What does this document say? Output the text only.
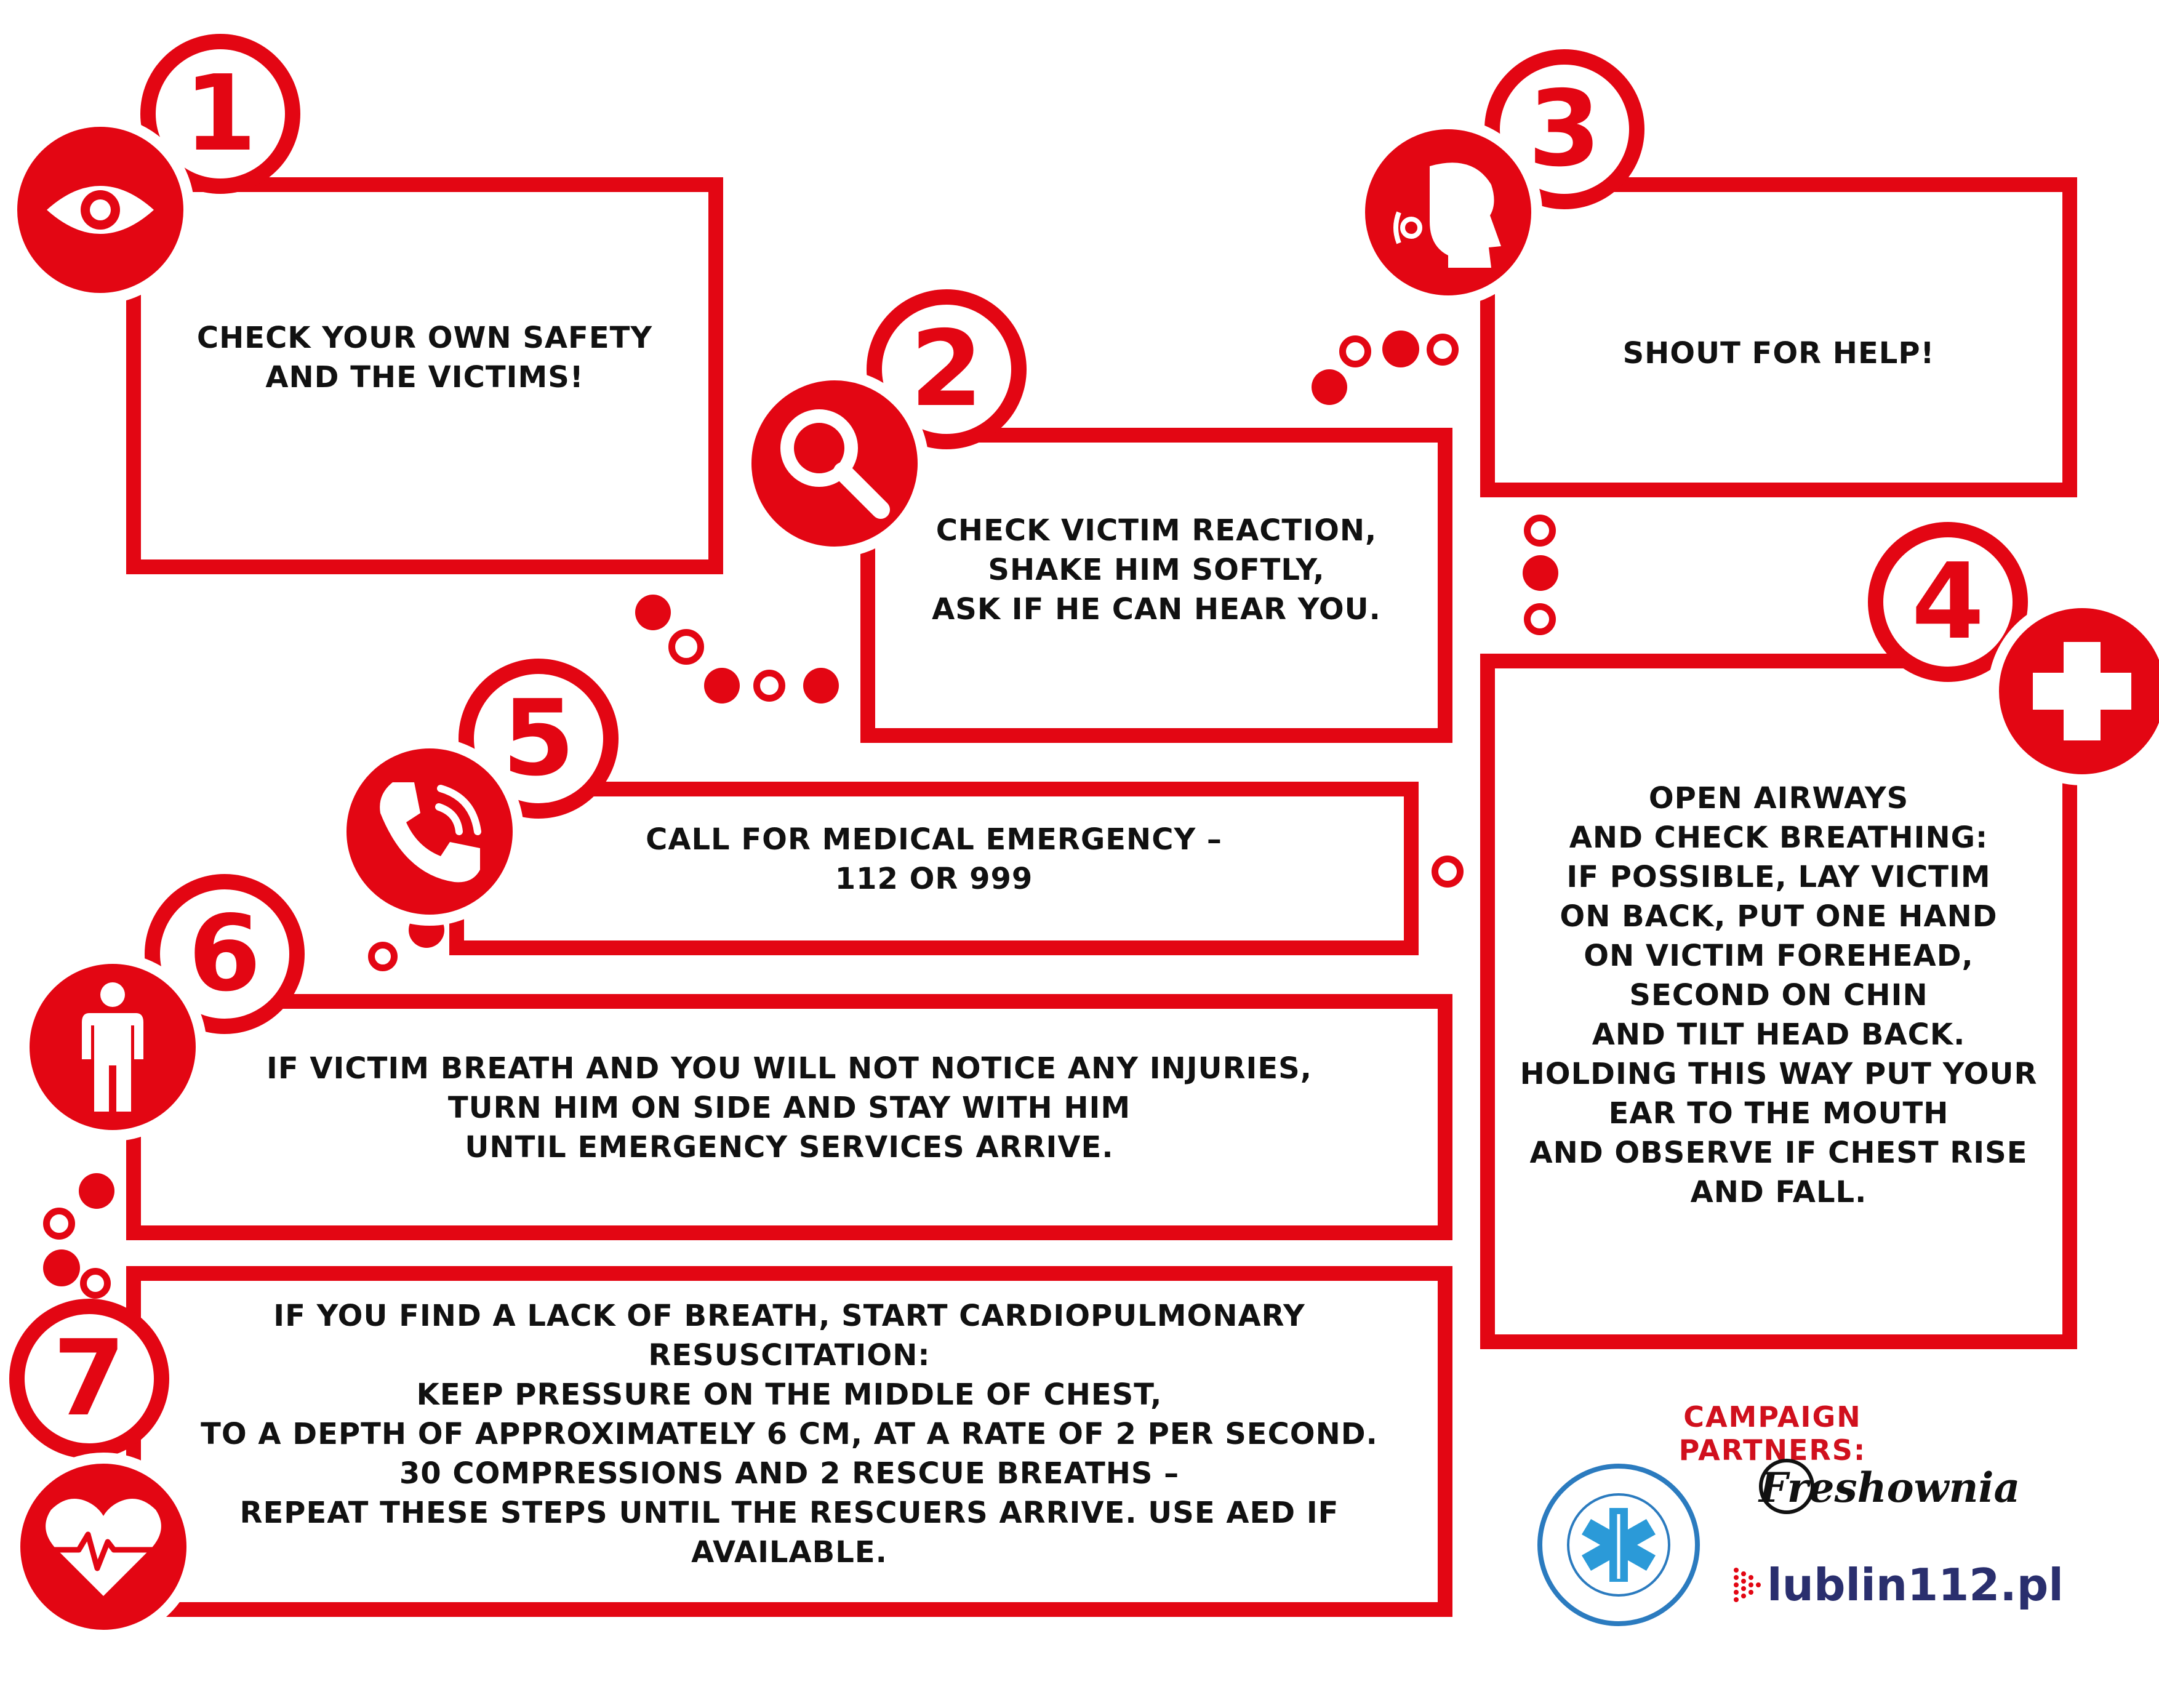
CHECK YOUR OWN SAFETY
AND THE VICTIMS!
CHECK VICTIM REACTION,
SHAKE HIM SOFTLY,
ASK IF HE CAN HEAR YOU.
SHOUT FOR HELP!
OPEN AIRWAYS
AND CHECK BREATHING:
IF POSSIBLE, LAY VICTIM
ON BACK, PUT ONE HAND
ON VICTIM FOREHEAD,
SECOND ON CHIN
AND TILT HEAD BACK.
HOLDING THIS WAY PUT YOUR
EAR TO THE MOUTH
AND OBSERVE IF CHEST RISE
AND FALL.
CALL FOR MEDICAL EMERGENCY –
112 OR 999
IF VICTIM BREATH AND YOU WILL NOT NOTICE ANY INJURIES,
TURN HIM ON SIDE AND STAY WITH HIM
UNTIL EMERGENCY SERVICES ARRIVE.
IF YOU FIND A LACK OF BREATH, START CARDIOPULMONARY RESUSCITATION:
KEEP PRESSURE ON THE MIDDLE OF CHEST,
TO A DEPTH OF APPROXIMATELY 6 CM, AT A RATE OF 2 PER SECOND.
30 COMPRESSIONS AND 2 RESCUE BREATHS –
REPEAT THESE STEPS UNTIL THE RESCUERS ARRIVE. USE AED IF AVAILABLE.
1
2
3
4
5
6
7	CAMPAIGN PARTNERS:
Freshownia
lublin112.pl
